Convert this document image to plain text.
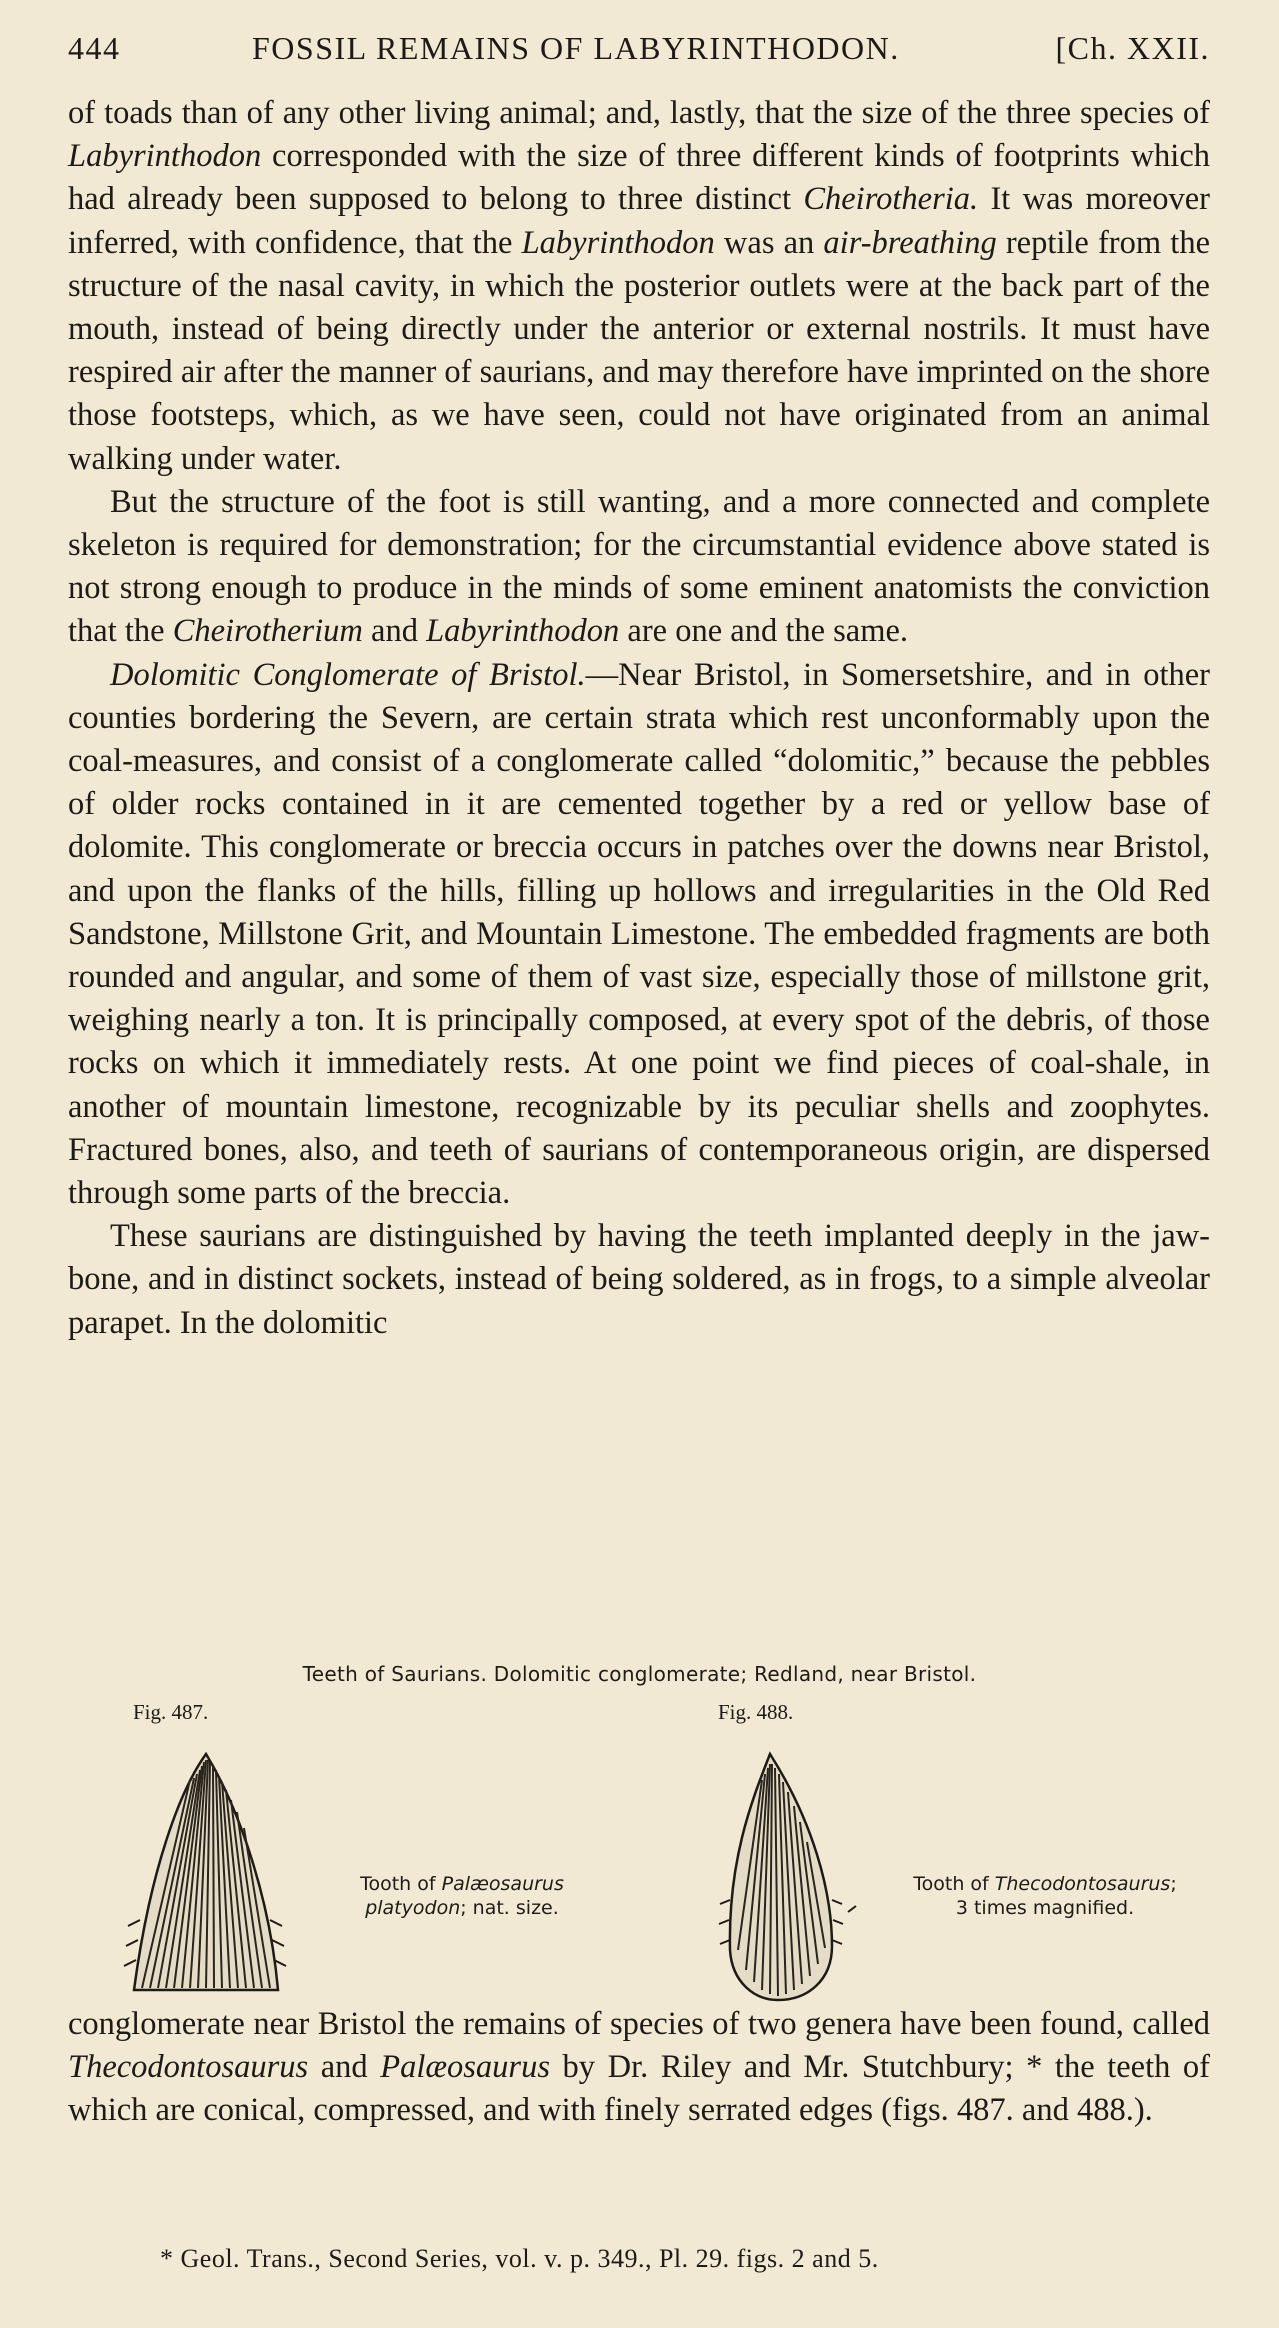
444	FOSSIL REMAINS OF LABYRINTHODON.	[Ch. XXII.

of toads than of any other living animal; and, lastly, that the size of the three species of Labyrinthodon corresponded with the size of three different kinds of footprints which had already been supposed to belong to three distinct Cheirotheria. It was moreover inferred, with confidence, that the Labyrinthodon was an air-breathing reptile from the structure of the nasal cavity, in which the posterior outlets were at the back part of the mouth, instead of being directly under the anterior or external nostrils. It must have respired air after the manner of saurians, and may therefore have imprinted on the shore those footsteps, which, as we have seen, could not have originated from an animal walking under water.

But the structure of the foot is still wanting, and a more connected and complete skeleton is required for demonstration; for the circumstantial evidence above stated is not strong enough to produce in the minds of some eminent anatomists the conviction that the Cheirotherium and Labyrinthodon are one and the same.

Dolomitic Conglomerate of Bristol.—Near Bristol, in Somersetshire, and in other counties bordering the Severn, are certain strata which rest unconformably upon the coal-measures, and consist of a conglomerate called “dolomitic,” because the pebbles of older rocks contained in it are cemented together by a red or yellow base of dolomite. This conglomerate or breccia occurs in patches over the downs near Bristol, and upon the flanks of the hills, filling up hollows and irregularities in the Old Red Sandstone, Millstone Grit, and Mountain Limestone. The embedded fragments are both rounded and angular, and some of them of vast size, especially those of millstone grit, weighing nearly a ton. It is principally composed, at every spot of the debris, of those rocks on which it immediately rests. At one point we find pieces of coal-shale, in another of mountain limestone, recognizable by its peculiar shells and zoophytes. Fractured bones, also, and teeth of saurians of contemporaneous origin, are dispersed through some parts of the breccia.

These saurians are distinguished by having the teeth implanted deeply in the jaw-bone, and in distinct sockets, instead of being soldered, as in frogs, to a simple alveolar parapet. In the dolomitic

Teeth of Saurians. Dolomitic conglomerate; Redland, near Bristol.
Fig. 487.	Fig. 488.
Tooth of Palæosaurus
platyodon; nat. size.
Tooth of Thecodontosaurus;
3 times magnified.

conglomerate near Bristol the remains of species of two genera have been found, called Thecodontosaurus and Palæosaurus by Dr. Riley and Mr. Stutchbury; * the teeth of which are conical, compressed, and with finely serrated edges (figs. 487. and 488.).

* Geol. Trans., Second Series, vol. v. p. 349., Pl. 29. figs. 2 and 5.
